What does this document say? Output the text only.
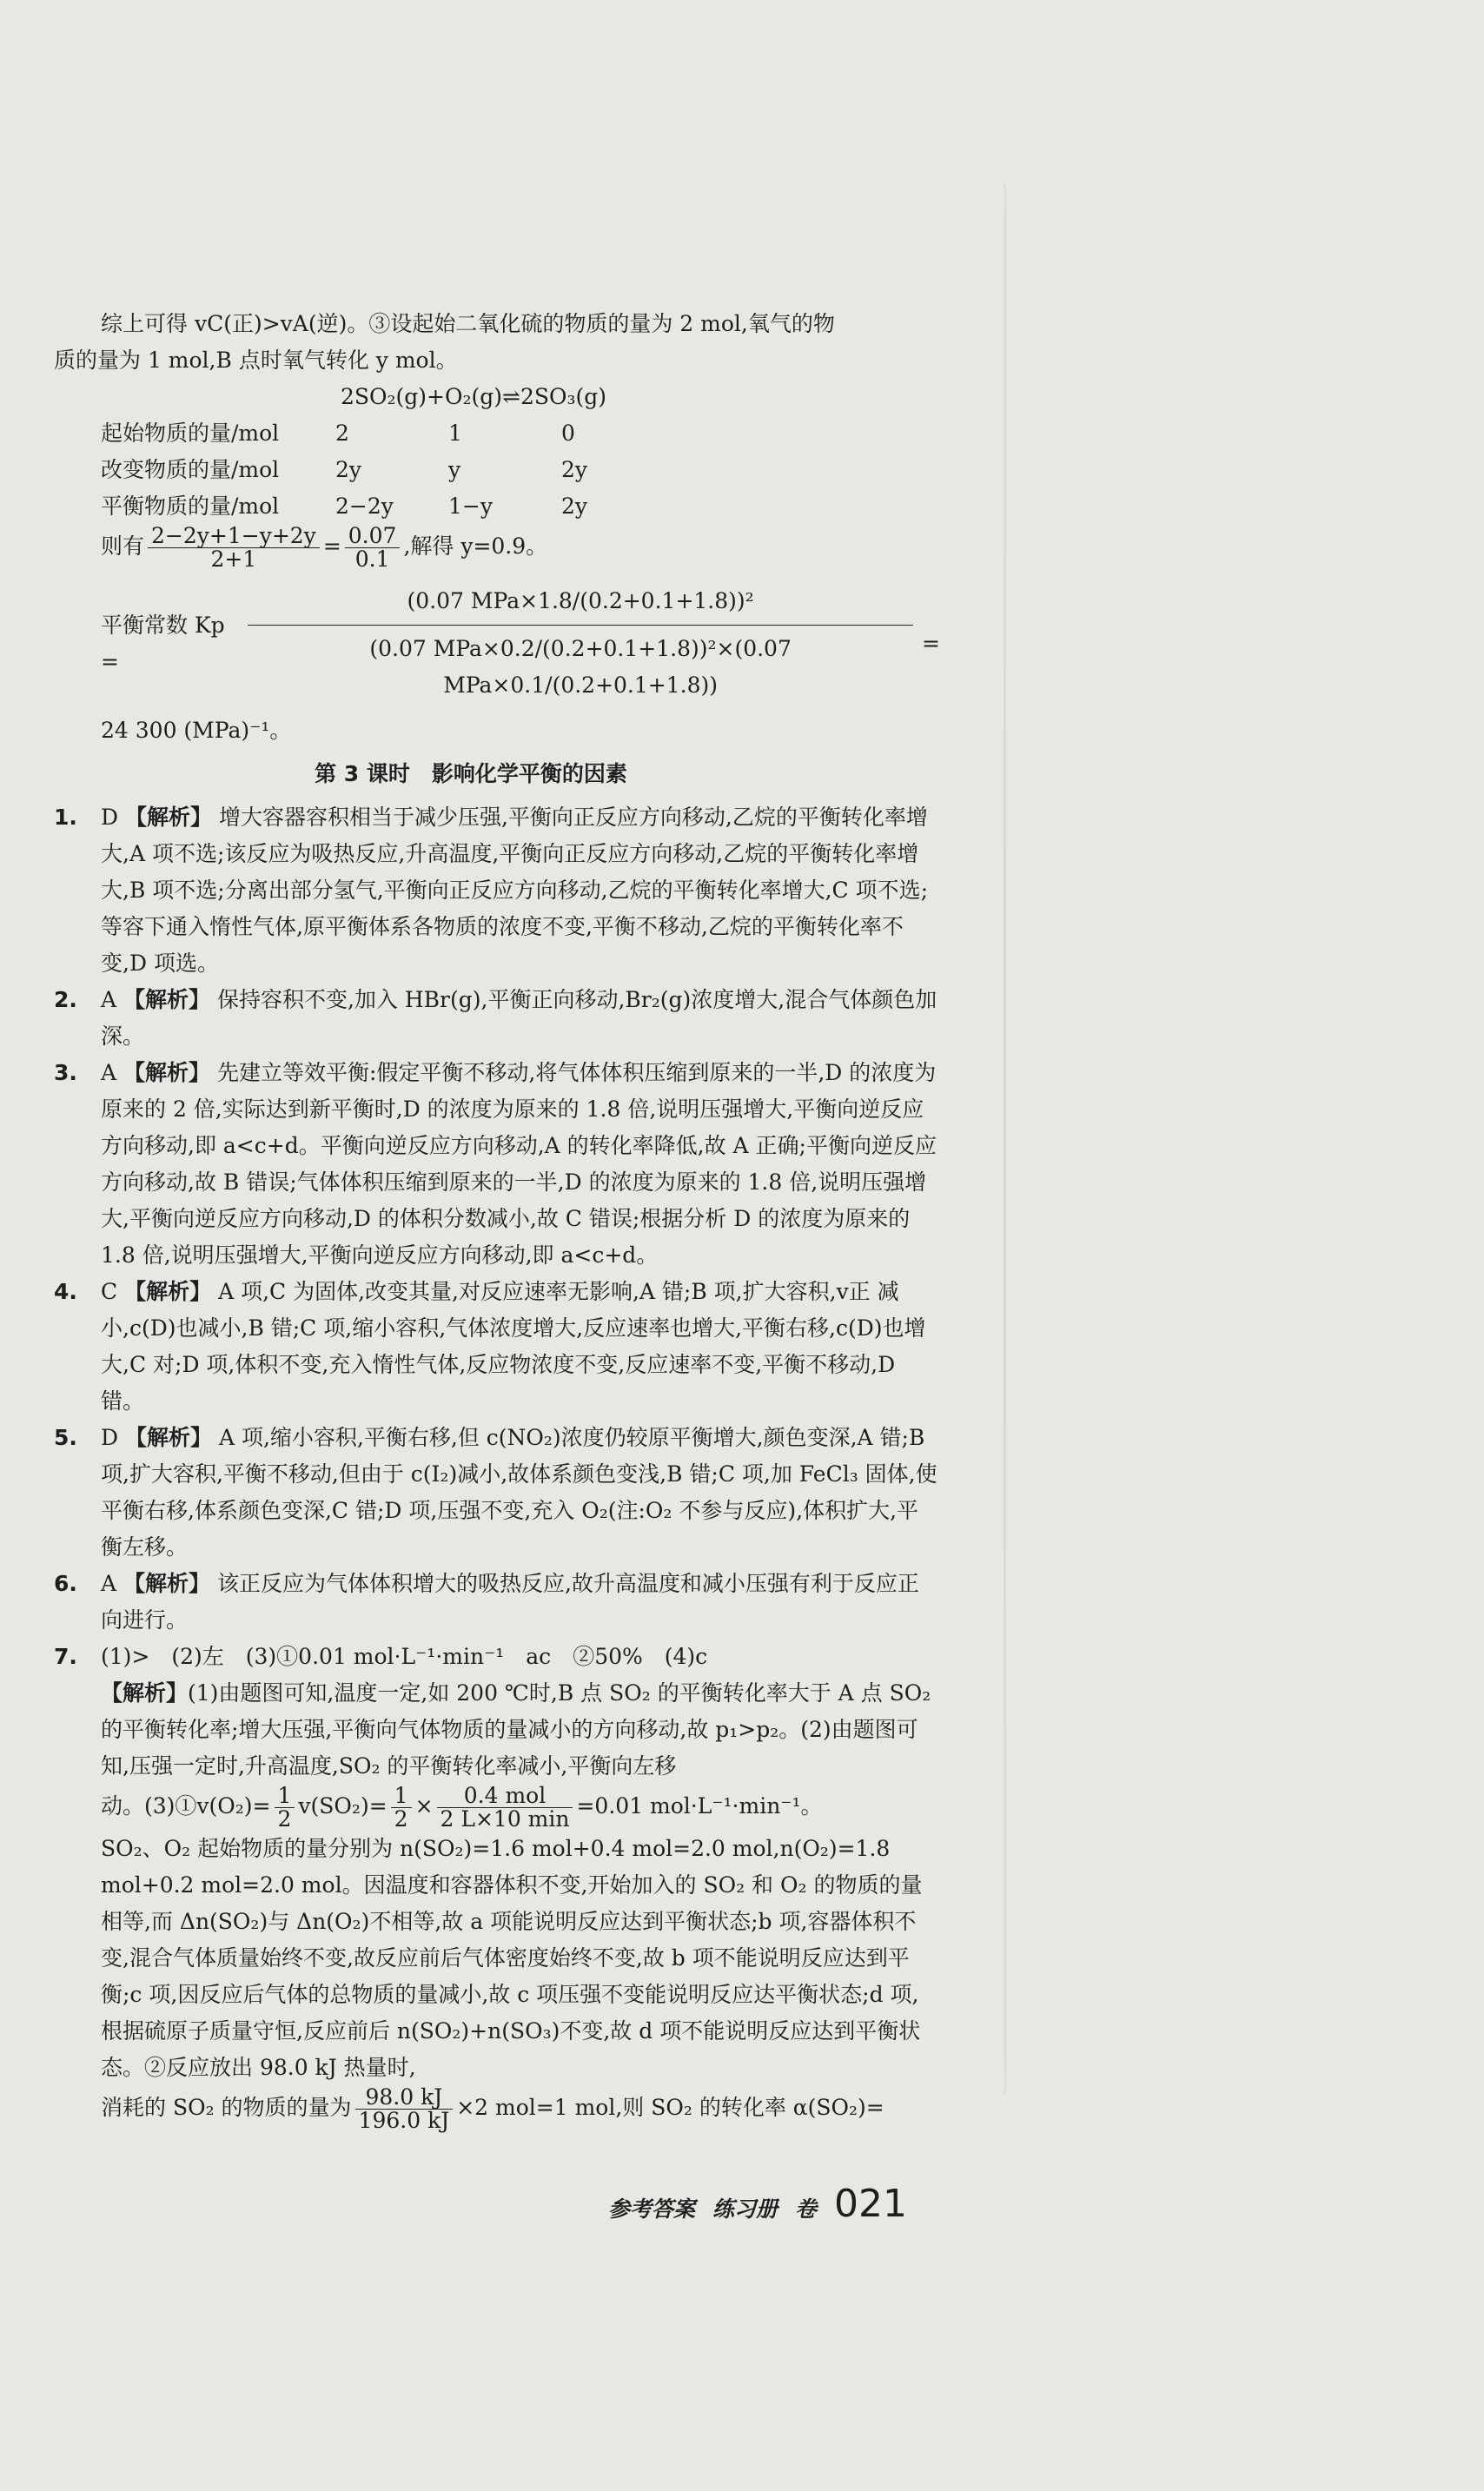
综上可得 vC(正)>vA(逆)。③设起始二氧化硫的物质的量为 2 mol,氧气的物

质的量为 1 mol,B 点时氧气转化 y mol。

2SO₂(g)+O₂(g)⇌2SO₃(g)

起始物质的量/mol	2	1	0
改变物质的量/mol	2y	y	2y
平衡物质的量/mol	2−2y	1−y	2y

则有 $\frac{2-2y+1-y+2y}{2+1} = \frac{0.07}{0.1}$ ,解得 y=0.9。

平衡常数 Kp =
(0.07 MPa×1.8/(0.2+0.1+1.8))²
(0.07 MPa×0.2/(0.2+0.1+1.8))²×(0.07 MPa×0.1/(0.2+0.1+1.8))
=

24 300 (MPa)⁻¹。

第 3 课时　影响化学平衡的因素

1. D 【解析】 增大容器容积相当于减少压强,平衡向正反应方向移动,乙烷的平衡转化率增大,A 项不选;该反应为吸热反应,升高温度,平衡向正反应方向移动,乙烷的平衡转化率增大,B 项不选;分离出部分氢气,平衡向正反应方向移动,乙烷的平衡转化率增大,C 项不选;等容下通入惰性气体,原平衡体系各物质的浓度不变,平衡不移动,乙烷的平衡转化率不变,D 项选。
2. A 【解析】 保持容积不变,加入 HBr(g),平衡正向移动,Br₂(g)浓度增大,混合气体颜色加深。
3. A 【解析】 先建立等效平衡:假定平衡不移动,将气体体积压缩到原来的一半,D 的浓度为原来的 2 倍,实际达到新平衡时,D 的浓度为原来的 1.8 倍,说明压强增大,平衡向逆反应方向移动,即 a<c+d。平衡向逆反应方向移动,A 的转化率降低,故 A 正确;平衡向逆反应方向移动,故 B 错误;气体体积压缩到原来的一半,D 的浓度为原来的 1.8 倍,说明压强增大,平衡向逆反应方向移动,D 的体积分数减小,故 C 错误;根据分析 D 的浓度为原来的 1.8 倍,说明压强增大,平衡向逆反应方向移动,即 a<c+d。
4. C 【解析】 A 项,C 为固体,改变其量,对反应速率无影响,A 错;B 项,扩大容积,v正 减小,c(D)也减小,B 错;C 项,缩小容积,气体浓度增大,反应速率也增大,平衡右移,c(D)也增大,C 对;D 项,体积不变,充入惰性气体,反应物浓度不变,反应速率不变,平衡不移动,D 错。
5. D 【解析】 A 项,缩小容积,平衡右移,但 c(NO₂)浓度仍较原平衡增大,颜色变深,A 错;B 项,扩大容积,平衡不移动,但由于 c(I₂)减小,故体系颜色变浅,B 错;C 项,加 FeCl₃ 固体,使平衡右移,体系颜色变深,C 错;D 项,压强不变,充入 O₂(注:O₂ 不参与反应),体积扩大,平衡左移。
6. A 【解析】 该正反应为气体体积增大的吸热反应,故升高温度和减小压强有利于反应正向进行。
7. (1)>　(2)左　(3)①0.01 mol·L⁻¹·min⁻¹　ac　②50%　(4)c

【解析】(1)由题图可知,温度一定,如 200 ℃时,B 点 SO₂ 的平衡转化率大于 A 点 SO₂ 的平衡转化率;增大压强,平衡向气体物质的量减小的方向移动,故 p₁>p₂。(2)由题图可知,压强一定时,升高温度,SO₂ 的平衡转化率减小,平衡向左移

动。(3)①v(O₂)= $\frac{1}{2} v(SO_2)= \frac{1}{2} \times \frac{\text{0.4 mol}}{2 L\times 10 \min} =0.01$ mol·L⁻¹·min⁻¹。

SO₂、O₂ 起始物质的量分别为 n(SO₂)=1.6 mol+0.4 mol=2.0 mol,n(O₂)=1.8 mol+0.2 mol=2.0 mol。因温度和容器体积不变,开始加入的 SO₂ 和 O₂ 的物质的量相等,而 Δn(SO₂)与 Δn(O₂)不相等,故 a 项能说明反应达到平衡状态;b 项,容器体积不变,混合气体质量始终不变,故反应前后气体密度始终不变,故 b 项不能说明反应达到平衡;c 项,因反应后气体的总物质的量减小,故 c 项压强不变能说明反应达平衡状态;d 项,根据硫原子质量守恒,反应前后 n(SO₂)+n(SO₃)不变,故 d 项不能说明反应达到平衡状态。②反应放出 98.0 kJ 热量时,

消耗的 SO₂ 的物质的量为 $\frac{98.0 kJ}{196.0 kJ} \times 2$ mol=1 mol,则 SO₂ 的转化率 α(SO₂)=

参考答案 练习册 卷 021
